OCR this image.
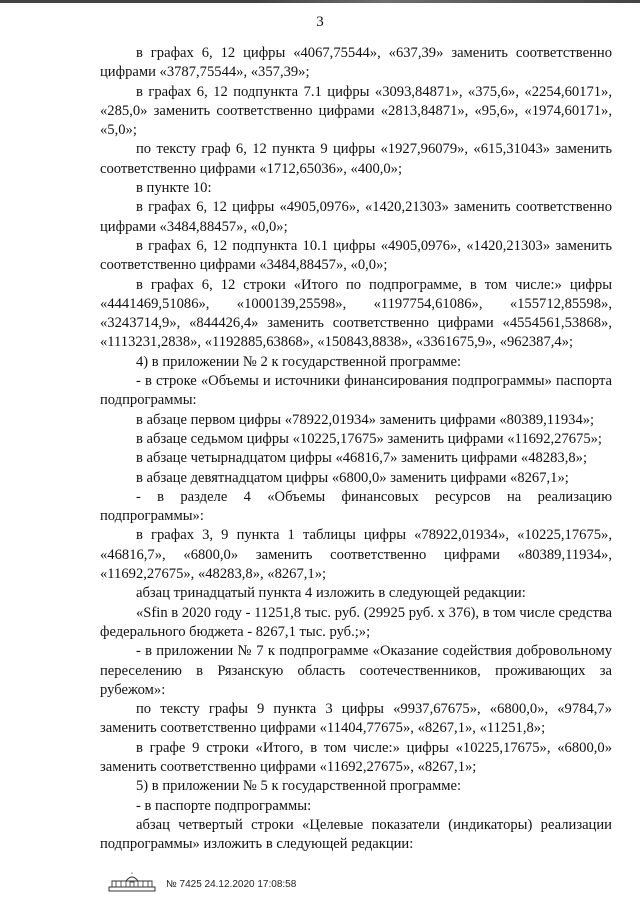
3

в графах 6, 12 цифры «4067,75544», «637,39» заменить соответственно цифрами «3787,75544», «357,39»;

в графах 6, 12 подпункта 7.1 цифры «3093,84871», «375,6», «2254,60171», «285,0» заменить соответственно цифрами «2813,84871», «95,6», «1974,60171», «5,0»;

по тексту граф 6, 12 пункта 9 цифры «1927,96079», «615,31043» заменить соответственно цифрами «1712,65036», «400,0»;

в пункте 10:

в графах 6, 12 цифры «4905,0976», «1420,21303» заменить соответственно цифрами «3484,88457», «0,0»;

в графах 6, 12 подпункта 10.1 цифры «4905,0976», «1420,21303» заменить соответственно цифрами «3484,88457», «0,0»;

в графах 6, 12 строки «Итого по подпрограмме, в том числе:» цифры «4441469,51086», «1000139,25598», «1197754,61086», «155712,85598», «3243714,9», «844426,4» заменить соответственно цифрами «4554561,53868», «1113231,2838», «1192885,63868», «150843,8838», «3361675,9», «962387,4»;

4) в приложении № 2 к государственной программе:

- в строке «Объемы и источники финансирования подпрограммы» паспорта подпрограммы:

в абзаце первом цифры «78922,01934» заменить цифрами «80389,11934»;

в абзаце седьмом цифры «10225,17675» заменить цифрами «11692,27675»;

в абзаце четырнадцатом цифры «46816,7» заменить цифрами «48283,8»;

в абзаце девятнадцатом цифры «6800,0» заменить цифрами «8267,1»;

- в разделе 4 «Объемы финансовых ресурсов на реализацию подпрограммы»:

в графах 3, 9 пункта 1 таблицы цифры «78922,01934», «10225,17675», «46816,7», «6800,0» заменить соответственно цифрами «80389,11934», «11692,27675», «48283,8», «8267,1»;

абзац тринадцатый пункта 4 изложить в следующей редакции:

«Sfin в 2020 году - 11251,8 тыс. руб. (29925 руб. х 376), в том числе средства федерального бюджета - 8267,1 тыс. руб.;»;

- в приложении № 7 к подпрограмме «Оказание содействия добровольному переселению в Рязанскую область соотечественников, проживающих за рубежом»:

по тексту графы 9 пункта 3 цифры «9937,67675», «6800,0», «9784,7» заменить соответственно цифрами «11404,77675», «8267,1», «11251,8»;

в графе 9 строки «Итого, в том числе:» цифры «10225,17675», «6800,0» заменить соответственно цифрами «11692,27675», «8267,1»;

5) в приложении № 5 к государственной программе:

- в паспорте подпрограммы:

абзац четвертый строки «Целевые показатели (индикаторы) реализации подпрограммы» изложить в следующей редакции:

№ 7425 24.12.2020 17:08:58
